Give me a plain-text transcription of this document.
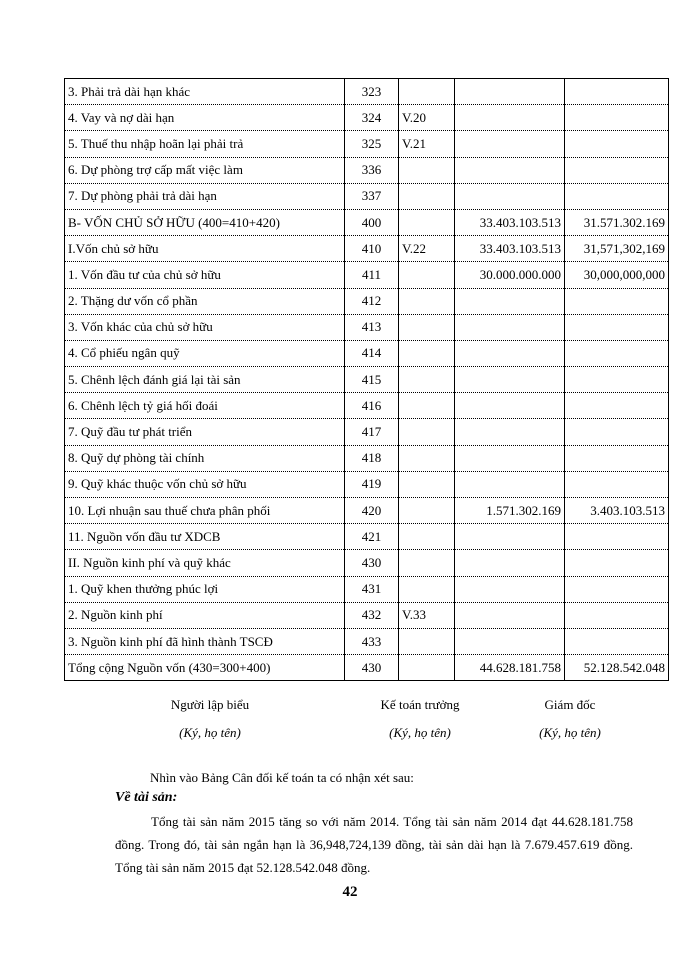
3. Phải trả dài hạn khác	323			
4. Vay và nợ dài hạn	324	V.20		
5. Thuế thu nhập hoãn lại phải trả	325	V.21		
6. Dự phòng trợ cấp mất việc làm	336			
7. Dự phòng phải trả dài hạn	337			
B- VỐN CHỦ SỞ HỮU (400=410+420)	400		33.403.103.513	31.571.302.169
I.Vốn chủ sở hữu	410	V.22	33.403.103.513	31,571,302,169
1. Vốn đầu tư của chủ sở hữu	411		30.000.000.000	30,000,000,000
2. Thặng dư vốn cổ phần	412			
3. Vốn khác của chủ sở hữu	413			
4. Cổ phiếu ngân quỹ	414			
5. Chênh lệch đánh giá lại tài sản	415			
6. Chênh lệch tỷ giá hối đoái	416			
7. Quỹ đầu tư phát triển	417			
8. Quỹ dự phòng tài chính	418			
9. Quỹ khác thuộc vốn chủ sở hữu	419			
10. Lợi nhuận sau thuế chưa phân phối	420		1.571.302.169	3.403.103.513
11. Nguồn vốn đầu tư XDCB	421			
II. Nguồn kinh phí và quỹ khác	430			
1. Quỹ khen thưởng phúc lợi	431			
2. Nguồn kinh phí	432	V.33		
3. Nguồn kinh phí đã hình thành TSCĐ	433			
Tổng cộng Nguồn vốn (430=300+400)	430		44.628.181.758	52.128.542.048
Người lập biểu
(Ký, họ tên)
Kế toán trưởng
(Ký, họ tên)
Giám đốc
(Ký, họ tên)
Nhìn vào Bảng Cân đối kế toán ta có nhận xét sau:
Về tài sản:
Tổng tài sản năm 2015 tăng so với năm 2014. Tổng tài sản năm 2014 đạt 44.628.181.758 đồng. Trong đó, tài sản ngắn hạn là 36,948,724,139 đồng, tài sản dài hạn là 7.679.457.619 đồng. Tổng tài sản năm 2015 đạt 52.128.542.048 đồng.
42
